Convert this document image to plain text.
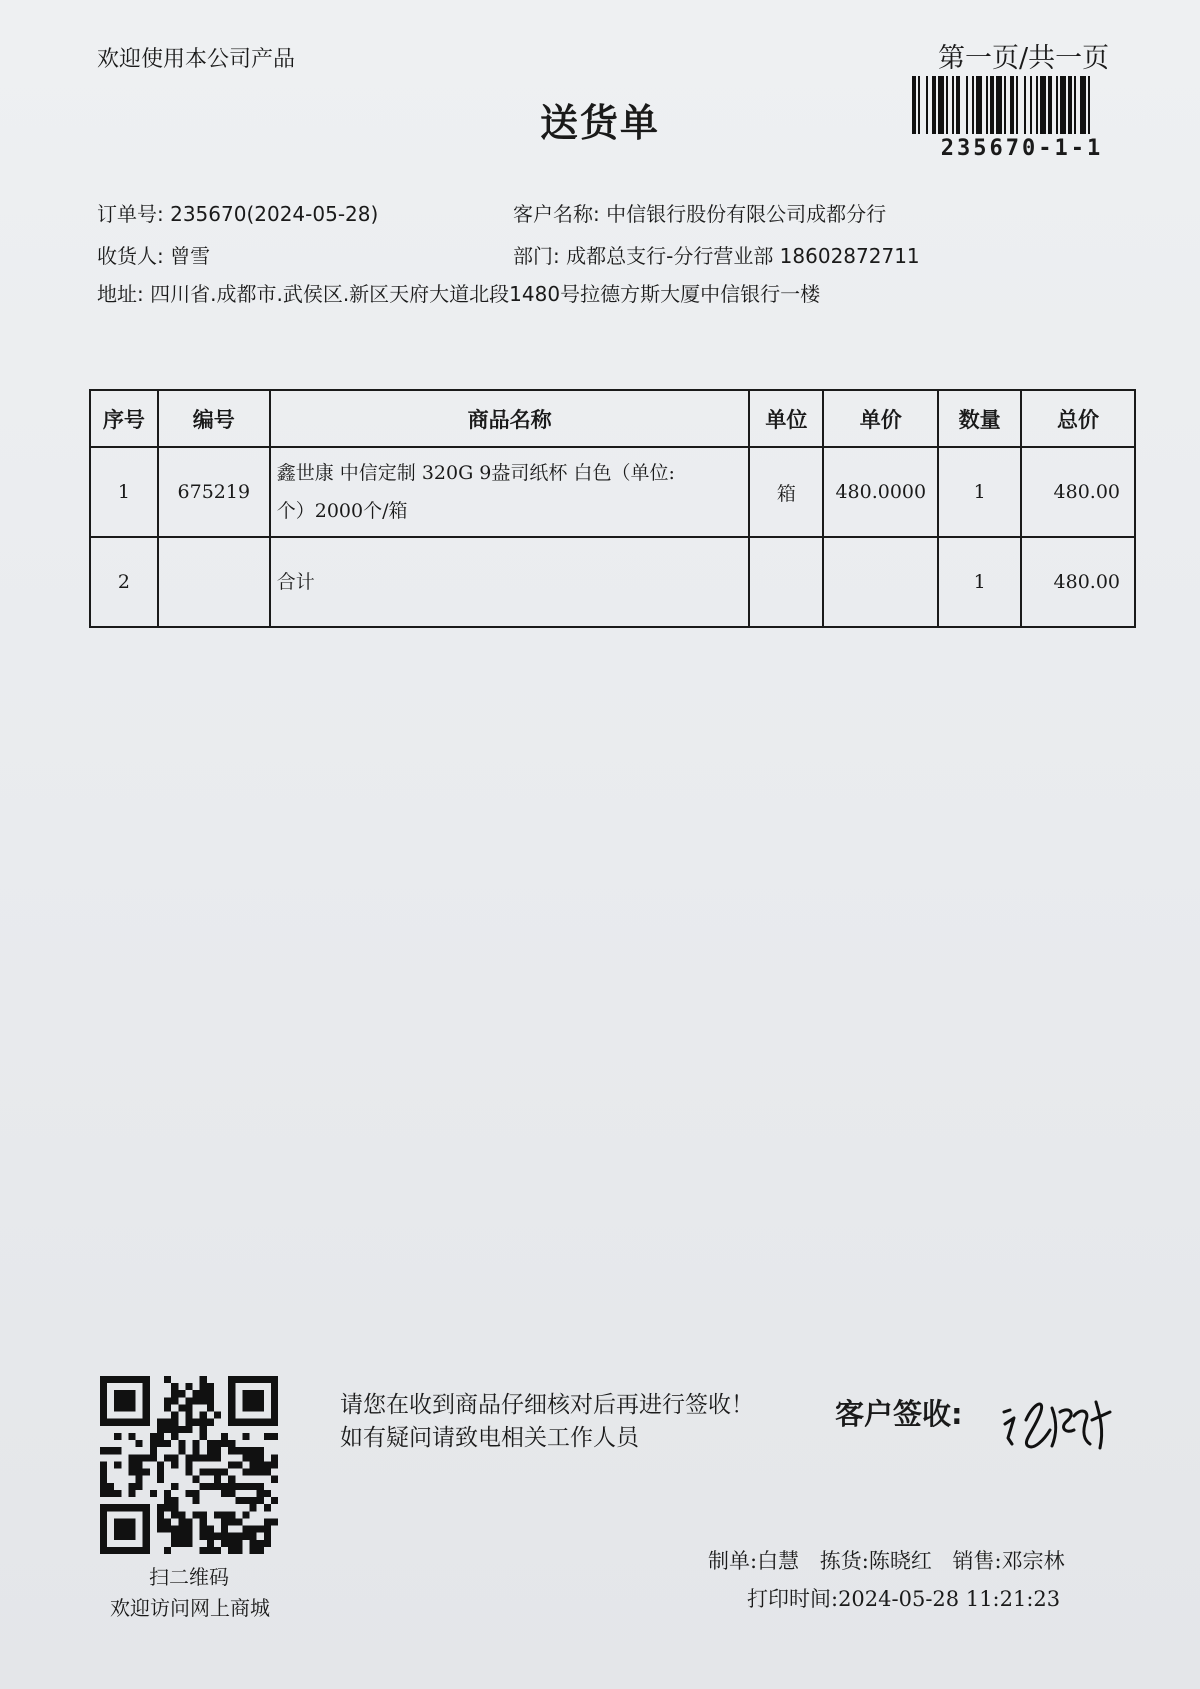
欢迎使用本公司产品	第一页/共一页
送货单
235670-1-1
订单号: 235670(2024-05-28)	客户名称: 中信银行股份有限公司成都分行
收货人: 曾雪	部门: 成都总支行-分行营业部 18602872711
地址: 四川省.成都市.武侯区.新区天府大道北段1480号拉德方斯大厦中信银行一楼
序号	编号	商品名称	单位	单价	数量	总价
1	675219	鑫世康 中信定制 320G 9盎司纸杯 白色（单位:
个）2000个/箱	箱	480.0000	1	480.00
2		合计			1	480.00
扫二维码
欢迎访问网上商城
请您在收到商品仔细核对后再进行签收！如有疑问请致电相关工作人员
客户签收:
制单:白慧 拣货:陈晓红 销售:邓宗林
打印时间:2024-05-28 11:21:23
